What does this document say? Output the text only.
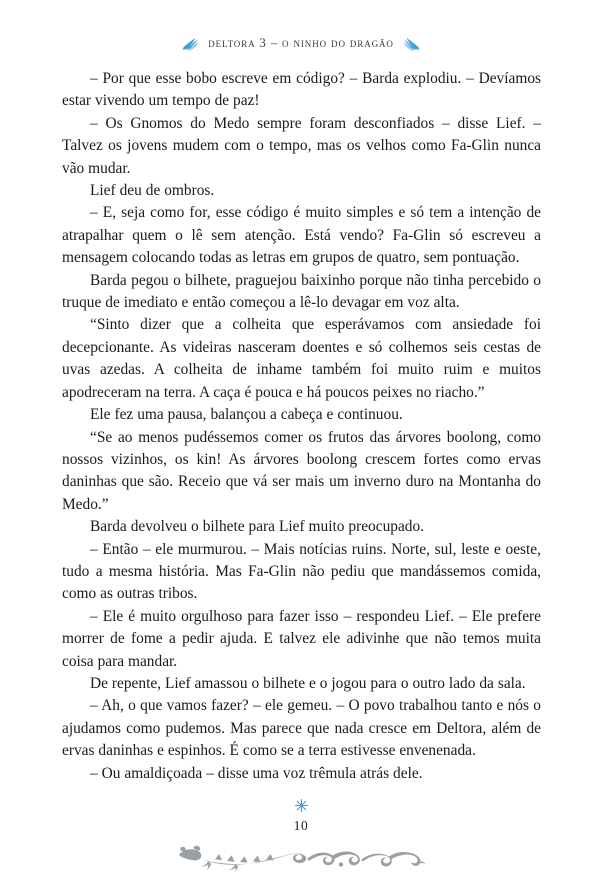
deltora 3 – o ninho do dragão

– Por que esse bobo escreve em código? – Barda explodiu. – Devíamos estar vivendo um tempo de paz!

– Os Gnomos do Medo sempre foram desconfiados – disse Lief. – Talvez os jovens mudem com o tempo, mas os velhos como Fa-Glin nunca vão mudar.

Lief deu de ombros.

– E, seja como for, esse código é muito simples e só tem a intenção de atrapalhar quem o lê sem atenção. Está vendo? Fa-Glin só escreveu a mensagem colocando todas as letras em grupos de quatro, sem pontuação.

Barda pegou o bilhete, praguejou baixinho porque não tinha percebido o truque de imediato e então começou a lê-lo devagar em voz alta.

“Sinto dizer que a colheita que esperávamos com ansiedade foi decepcionante. As videiras nasceram doentes e só colhemos seis cestas de uvas azedas. A colheita de inhame também foi muito ruim e muitos apodreceram na terra. A caça é pouca e há poucos peixes no riacho.”

Ele fez uma pausa, balançou a cabeça e continuou.

“Se ao menos pudéssemos comer os frutos das árvores boolong, como nossos vizinhos, os kin! As árvores boolong crescem fortes como ervas daninhas que são. Receio que vá ser mais um inverno duro na Montanha do Medo.”

Barda devolveu o bilhete para Lief muito preocupado.

– Então – ele murmurou. – Mais notícias ruins. Norte, sul, leste e oeste, tudo a mesma história. Mas Fa-Glin não pediu que mandássemos comida, como as outras tribos.

– Ele é muito orgulhoso para fazer isso – respondeu Lief. – Ele prefere morrer de fome a pedir ajuda. E talvez ele adivinhe que não temos muita coisa para mandar.

De repente, Lief amassou o bilhete e o jogou para o outro lado da sala.

– Ah, o que vamos fazer? – ele gemeu. – O povo trabalhou tanto e nós o ajudamos como pudemos. Mas parece que nada cresce em Deltora, além de ervas daninhas e espinhos. É como se a terra estivesse envenenada.

– Ou amaldiçoada – disse uma voz trêmula atrás dele.

10
